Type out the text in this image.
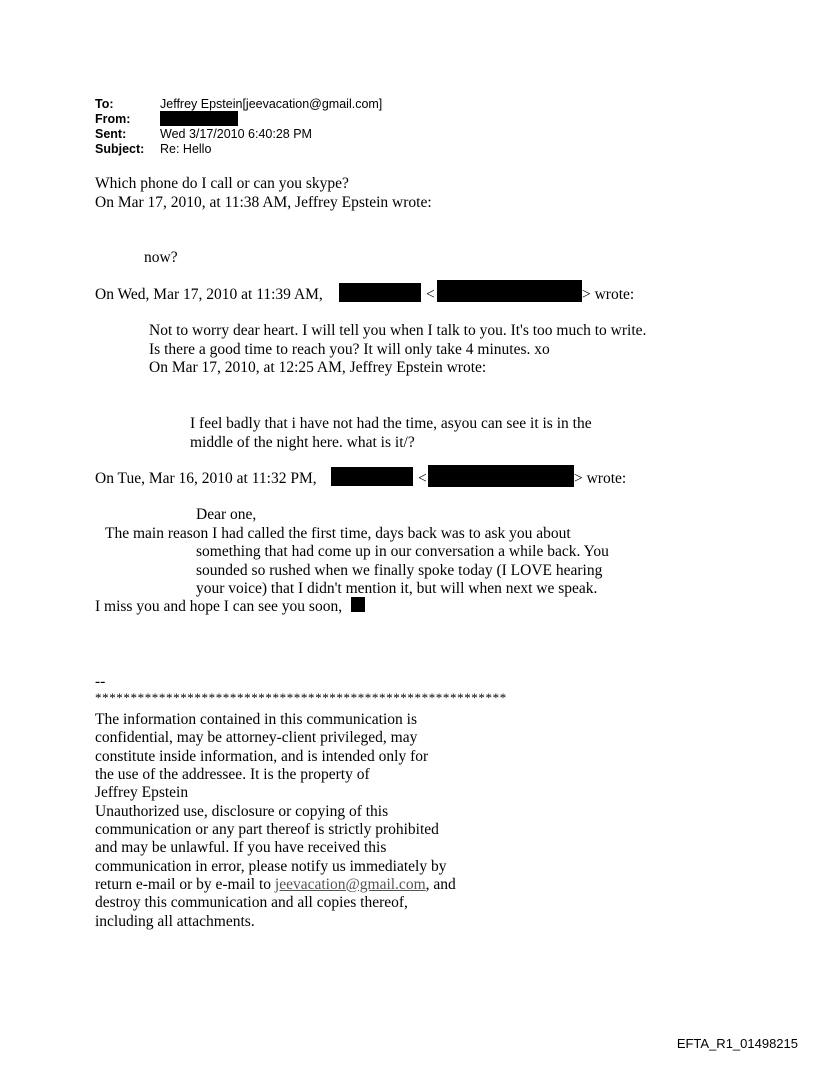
To:	Jeffrey Epstein[jeevacation@gmail.com]
From:
Sent:	Wed 3/17/2010 6:40:28 PM
Subject: Re: Hello
Which phone do I call or can you skype?
On Mar 17, 2010, at 11:38 AM, Jeffrey Epstein wrote:
now?
On Wed, Mar 17, 2010 at 11:39 AM,	<	> wrote:
Not to worry dear heart. I will tell you when I talk to you. It's too much to write.
Is there a good time to reach you? It will only take 4 minutes. xo
On Mar 17, 2010, at 12:25 AM, Jeffrey Epstein wrote:
I feel badly that i have not had the time, asyou can see it is in the
middle of the night here. what is it/?
On Tue, Mar 16, 2010 at 11:32 PM,	<	> wrote:
Dear one,
The main reason I had called the first time, days back was to ask you about
something that had come up in our conversation a while back. You
sounded so rushed when we finally spoke today (I LOVE hearing
your voice) that I didn't mention it, but will when next we speak.
I miss you and hope I can see you soon,
--
**********************************************************
The information contained in this communication is
confidential, may be attorney-client privileged, may
constitute inside information, and is intended only for
the use of the addressee. It is the property of
Jeffrey Epstein
Unauthorized use, disclosure or copying of this
communication or any part thereof is strictly prohibited
and may be unlawful. If you have received this
communication in error, please notify us immediately by
return e-mail or by e-mail to jeevacation@gmail.com, and
destroy this communication and all copies thereof,
including all attachments.
EFTA_R1_01498215
